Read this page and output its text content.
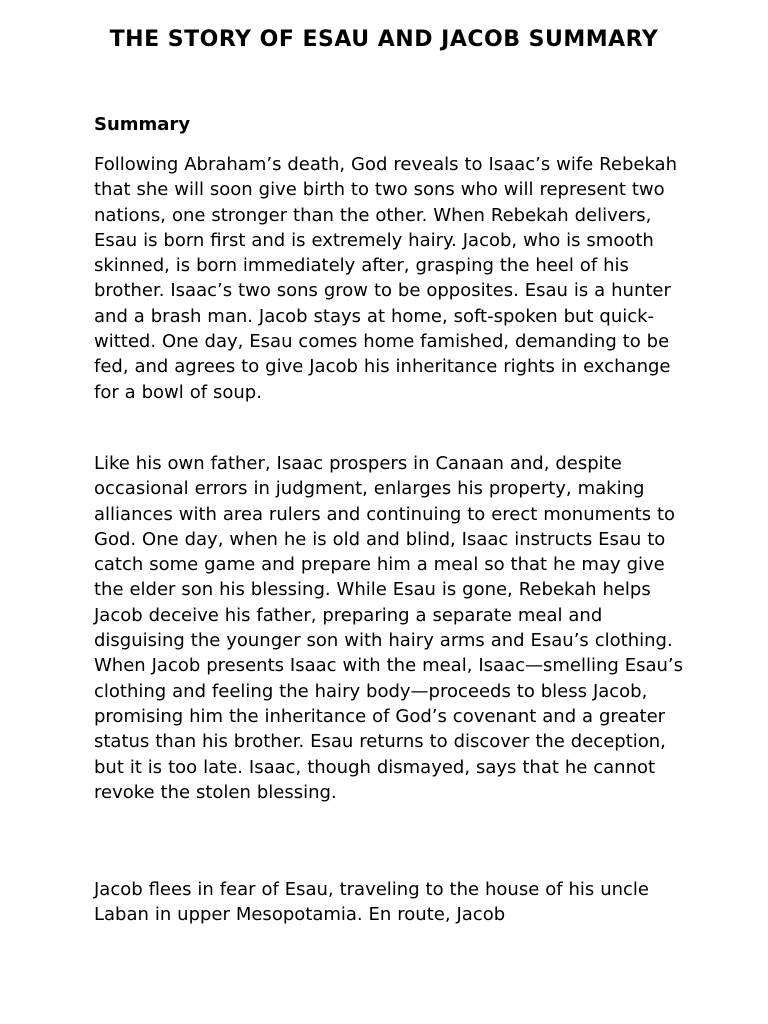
THE STORY OF ESAU AND JACOB SUMMARY
Summary

Following Abraham’s death, God reveals to Isaac’s wife Rebekah that she will soon give birth to two sons who will represent two nations, one stronger than the other. When Rebekah delivers, Esau is born first and is extremely hairy. Jacob, who is smooth skinned, is born immediately after, grasping the heel of his brother. Isaac’s two sons grow to be opposites. Esau is a hunter and a brash man. Jacob stays at home, soft-spoken but quick-witted. One day, Esau comes home famished, demanding to be fed, and agrees to give Jacob his inheritance rights in exchange for a bowl of soup.

Like his own father, Isaac prospers in Canaan and, despite occasional errors in judgment, enlarges his property, making alliances with area rulers and continuing to erect monuments to God. One day, when he is old and blind, Isaac instructs Esau to catch some game and prepare him a meal so that he may give the elder son his blessing. While Esau is gone, Rebekah helps Jacob deceive his father, preparing a separate meal and disguising the younger son with hairy arms and Esau’s clothing. When Jacob presents Isaac with the meal, Isaac—smelling Esau’s clothing and feeling the hairy body—proceeds to bless Jacob, promising him the inheritance of God’s covenant and a greater status than his brother. Esau returns to discover the deception, but it is too late. Isaac, though dismayed, says that he cannot revoke the stolen blessing.

Jacob flees in fear of Esau, traveling to the house of his uncle Laban in upper Mesopotamia. En route, Jacob
